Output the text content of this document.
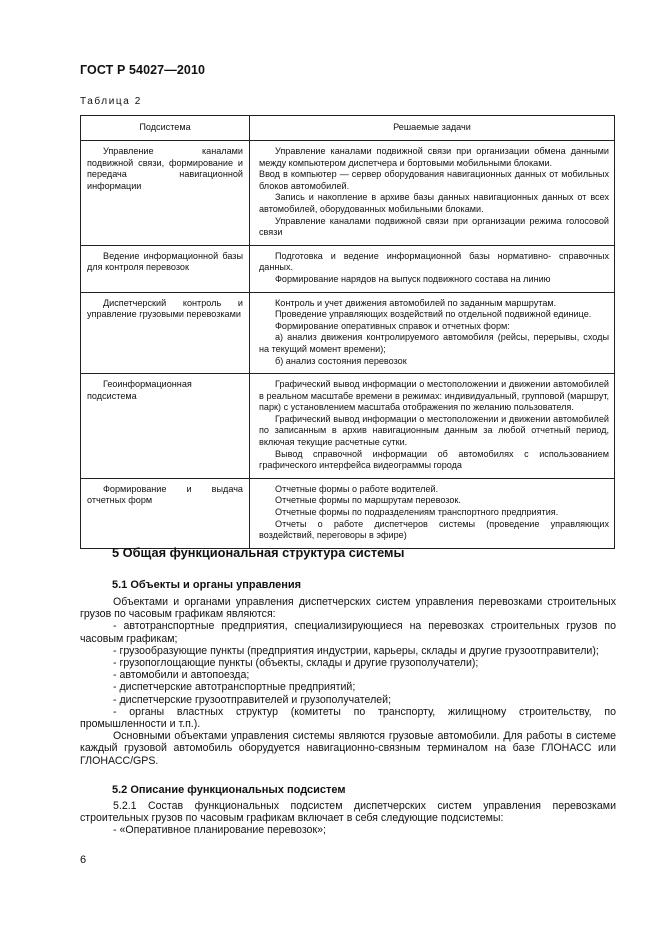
ГОСТ Р 54027—2010
Таблица 2
Подсистема	Решаемые задачи

Управление каналами подвижной связи, формирование и передача навигационной информации	Управление каналами подвижной связи при организации обмена данными между компьютером диспетчера и бортовыми мобильными блоками.
Ввод в компьютер — сервер оборудования навигационных данных от мобильных блоков автомобилей.
Запись и накопление в архиве базы данных навигационных данных от всех автомобилей, оборудованных мобильными блоками.
Управление каналами подвижной связи при организации режима голосовой связи

Ведение информационной базы для контроля перевозок	Подготовка и ведение информационной базы нормативно- справочных данных.
Формирование нарядов на выпуск подвижного состава на линию

Диспетчерский контроль и управление грузовыми перевозками	Контроль и учет движения автомобилей по заданным маршрутам.
Проведение управляющих воздействий по отдельной подвижной единице.
Формирование оперативных справок и отчетных форм:
а) анализ движения контролируемого автомобиля (рейсы, перерывы, сходы на текущий момент времени);
б) анализ состояния перевозок

Геоинформационная подсистема	Графический вывод информации о местоположении и движении автомобилей в реальном масштабе времени в режимах: индивидуальный, групповой (маршрут, парк) с установлением масштаба отображения по желанию пользователя.
Графический вывод информации о местоположении и движении автомобилей по записанным в архив навигационным данным за любой отчетный период, включая текущие расчетные сутки.
Вывод справочной информации об автомобилях с использованием графического интерфейса видеограммы города

Формирование и выдача отчетных форм	Отчетные формы о работе водителей.
Отчетные формы по маршрутам перевозок.
Отчетные формы по подразделениям транспортного предприятия.
Отчеты о работе диспетчеров системы (проведение управляющих воздействий, переговоры в эфире)
5 Общая функциональная структура системы
5.1 Объекты и органы управления

Объектами и органами управления диспетчерских систем управления перевозками строительных грузов по часовым графикам являются:

- автотранспортные предприятия, специализирующиеся на перевозках строительных грузов по часовым графикам;

- грузообразующие пункты (предприятия индустрии, карьеры, склады и другие грузоотправители);

- грузопоглощающие пункты (объекты, склады и другие грузополучатели);

- автомобили и автопоезда;

- диспетчерские автотранспортные предприятий;

- диспетчерские грузоотправителей и грузополучателей;

- органы властных структур (комитеты по транспорту, жилищному строительству, по промышленности и т.п.).

Основными объектами управления системы являются грузовые автомобили. Для работы в системе каждый грузовой автомобиль оборудуется навигационно-связным терминалом на базе ГЛОНАСС или ГЛОНАСС/GPS.

5.2 Описание функциональных подсистем

5.2.1 Состав функциональных подсистем диспетчерских систем управления перевозками строительных грузов по часовым графикам включает в себя следующие подсистемы:

- «Оперативное планирование перевозок»;

6
